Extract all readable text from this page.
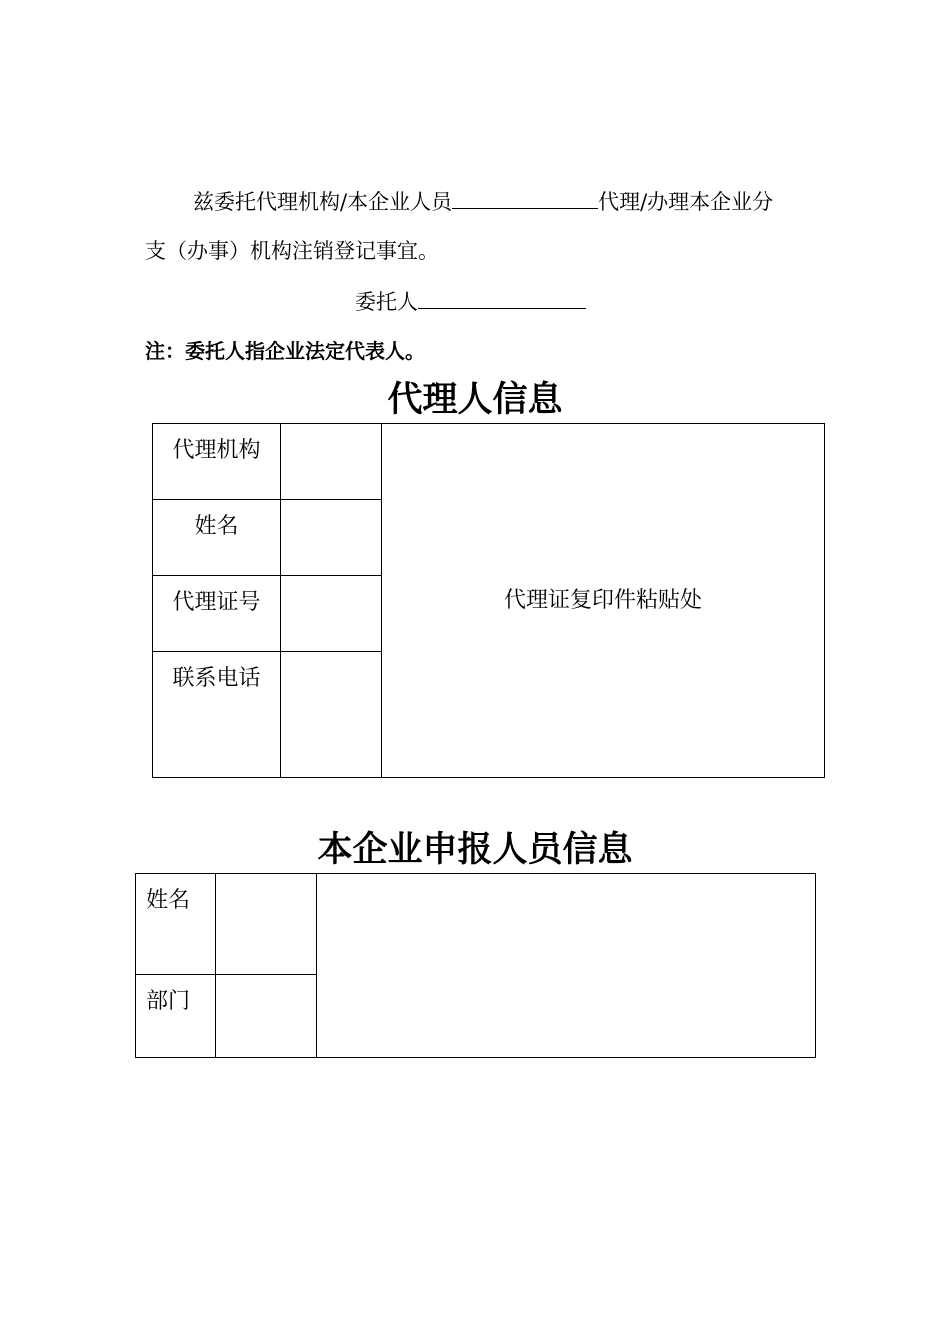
兹委托代理机构/本企业人员	代理/办理本企业分
支（办事）机构注销登记事宜。
委托人
注：委托人指企业法定代表人。
代理人信息
代理机构		代理证复印件粘贴处
姓名		
代理证号		
联系电话		
本企业申报人员信息
姓名		
部门		
